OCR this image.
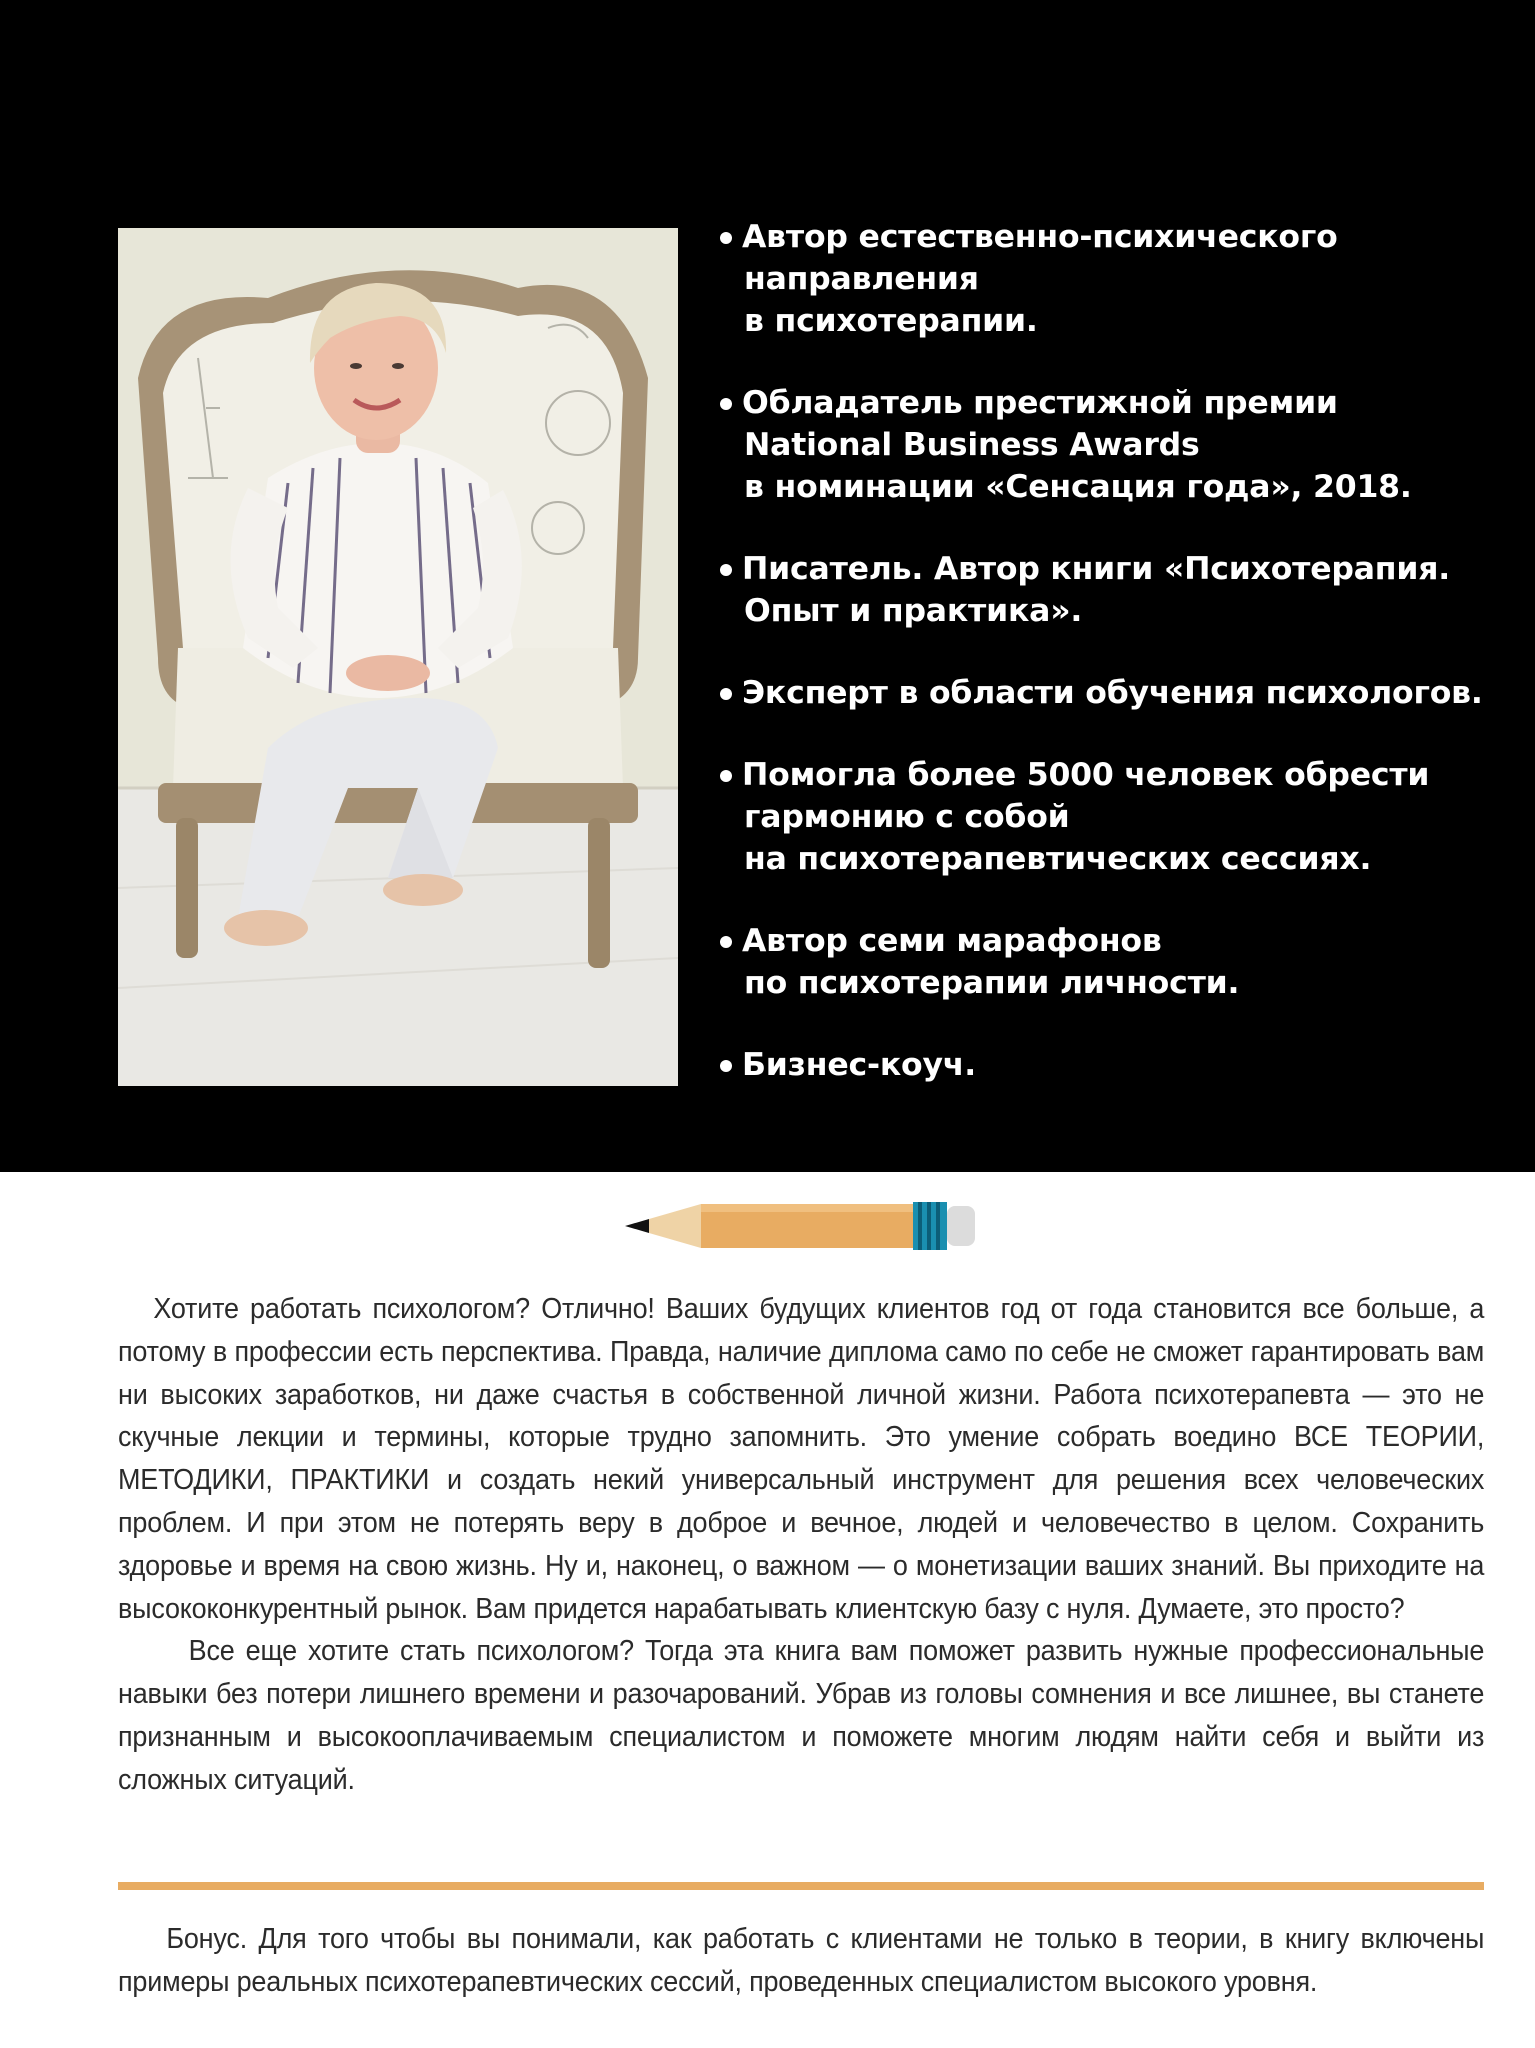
Автор естественно-психического
направления
в психотерапии.
Обладатель престижной премии
National Business Awards
в номинации «Сенсация года», 2018.
Писатель. Автор книги «Психотерапия.
Опыт и практика».
Эксперт в области обучения психологов.
Помогла более 5000 человек обрести
гармонию с собой
на психотерапевтических сессиях.
Автор семи марафонов
по психотерапии личности.
Бизнес-коуч.

Хотите работать психологом? Отлично! Ваших будущих клиентов год от года становится все больше, а потому в профессии есть перспектива. Правда, наличие диплома само по себе не сможет гарантировать вам ни высоких заработков, ни даже счастья в собственной личной жизни. Работа психотерапевта — это не скучные лекции и термины, которые трудно запомнить. Это умение собрать воедино ВСЕ ТЕОРИИ, МЕТОДИКИ, ПРАКТИКИ и создать некий универсальный инструмент для решения всех человеческих проблем. И при этом не потерять веру в доброе и вечное, людей и человечество в целом. Сохранить здоровье и время на свою жизнь. Ну и, наконец, о важном — о монетизации ваших знаний. Вы приходите на высококонкурентный рынок. Вам придется нарабатывать клиентскую базу с нуля. Думаете, это просто?

Все еще хотите стать психологом? Тогда эта книга вам поможет развить нужные профессиональные навыки без потери лишнего времени и разочарований. Убрав из головы сомнения и все лишнее, вы станете признанным и высокооплачиваемым специалистом и поможете многим людям найти себя и выйти из сложных ситуаций.

Бонус. Для того чтобы вы понимали, как работать с клиентами не только в теории, в книгу включены примеры реальных психотерапевтических сессий, проведенных специалистом высокого уровня.
